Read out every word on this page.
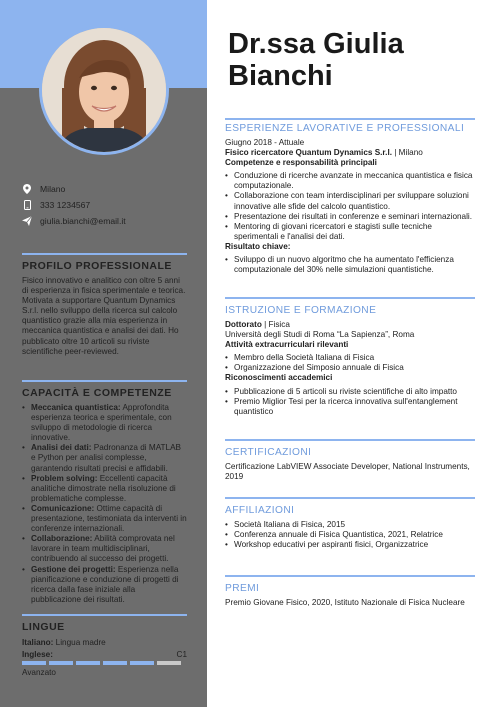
Milano
333 1234567
giulia.bianchi@email.it
PROFILO PROFESSIONALE
Fisico innovativo e analitico con oltre 5 anni di esperienza in fisica sperimentale e teorica. Motivata a supportare Quantum Dynamics S.r.l. nello sviluppo della ricerca sul calcolo quantistico grazie alla mia esperienza in meccanica quantistica e analisi dei dati. Ho pubblicato oltre 10 articoli su riviste scientifiche peer-reviewed.
CAPACITÀ E COMPETENZE
• Meccanica quantistica: Approfondita esperienza teorica e sperimentale, con sviluppo di metodologie di ricerca innovative.
• Analisi dei dati: Padronanza di MATLAB e Python per analisi complesse, garantendo risultati precisi e affidabili.
• Problem solving: Eccellenti capacità analitiche dimostrate nella risoluzione di problematiche complesse.
• Comunicazione: Ottime capacità di presentazione, testimoniata da interventi in conferenze internazionali.
• Collaborazione: Abilità comprovata nel lavorare in team multidisciplinari, contribuendo al successo dei progetti.
• Gestione dei progetti: Esperienza nella pianificazione e conduzione di progetti di ricerca dalla fase iniziale alla pubblicazione dei risultati.
LINGUE
Italiano: Lingua madre
Inglese:	C1
Avanzato
Dr.ssa Giulia
Bianchi
ESPERIENZE LAVORATIVE E PROFESSIONALI
Giugno 2018 - Attuale
Fisico ricercatore Quantum Dynamics S.r.l. | Milano
Competenze e responsabilità principali
• Conduzione di ricerche avanzate in meccanica quantistica e fisica computazionale.
• Collaborazione con team interdisciplinari per sviluppare soluzioni innovative alle sfide del calcolo quantistico.
• Presentazione dei risultati in conferenze e seminari internazionali.
• Mentoring di giovani ricercatori e stagisti sulle tecniche sperimentali e l'analisi dei dati.
Risultato chiave:
• Sviluppo di un nuovo algoritmo che ha aumentato l'efficienza computazionale del 30% nelle simulazioni quantistiche.
ISTRUZIONE E FORMAZIONE
Dottorato | Fisica
Università degli Studi di Roma “La Sapienza”, Roma
Attività extracurriculari rilevanti
• Membro della Società Italiana di Fisica
• Organizzazione del Simposio annuale di Fisica
Riconoscimenti accademici
• Pubblicazione di 5 articoli su riviste scientifiche di alto impatto
• Premio Miglior Tesi per la ricerca innovativa sull'entanglement quantistico
CERTIFICAZIONI
Certificazione LabVIEW Associate Developer, National Instruments, 2019
AFFILIAZIONI
• Società Italiana di Fisica, 2015
• Conferenza annuale di Fisica Quantistica, 2021, Relatrice
• Workshop educativi per aspiranti fisici, Organizzatrice
PREMI
Premio Giovane Fisico, 2020, Istituto Nazionale di Fisica Nucleare
